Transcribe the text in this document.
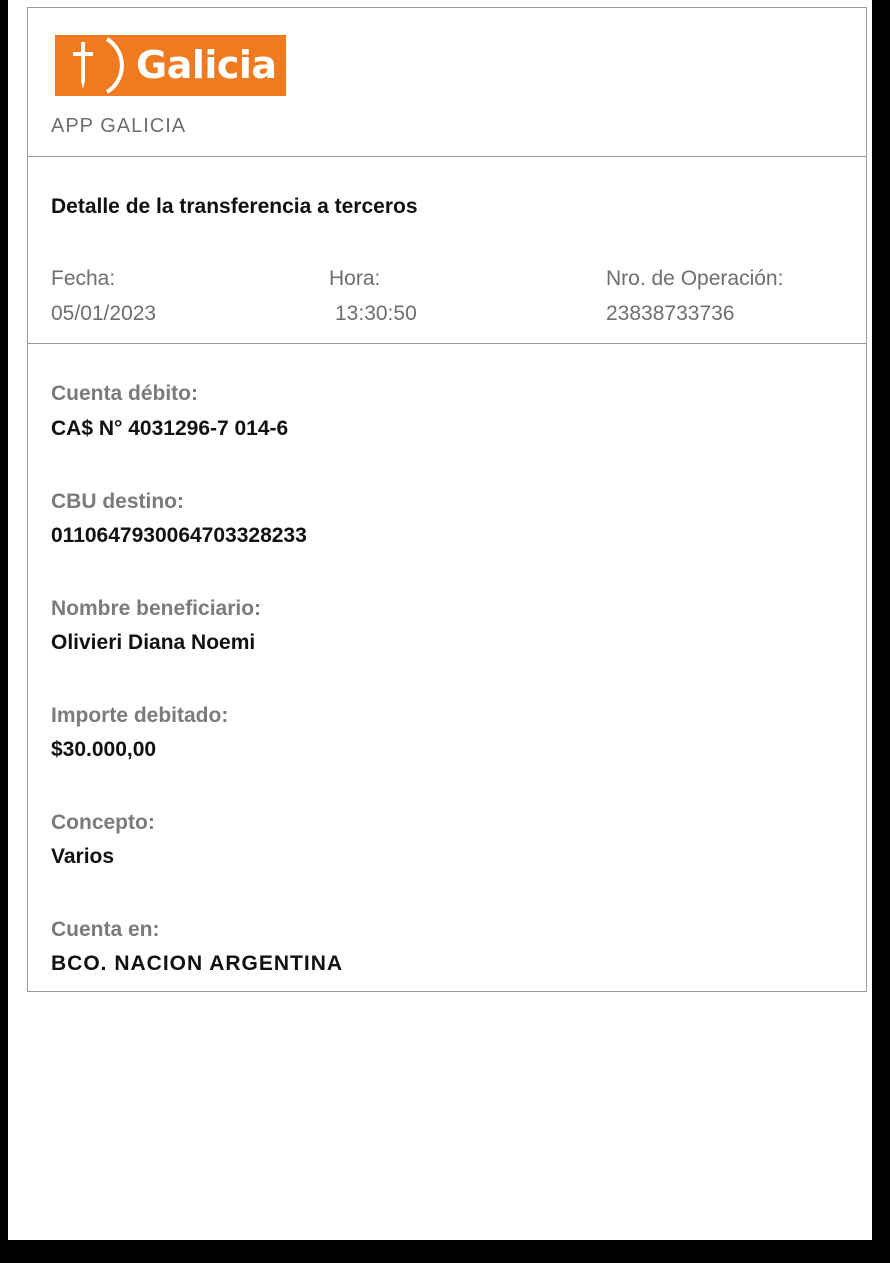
Galicia
APP GALICIA
Detalle de la transferencia a terceros
Fecha:
05/01/2023
Hora:
13:30:50
Nro. de Operación:
23838733736
Cuenta débito:
CA$ N° 4031296-7 014-6
CBU destino:
0110647930064703328233
Nombre beneficiario:
Olivieri Diana Noemi
Importe debitado:
$30.000,00
Concepto:
Varios
Cuenta en:
BCO. NACION ARGENTINA
